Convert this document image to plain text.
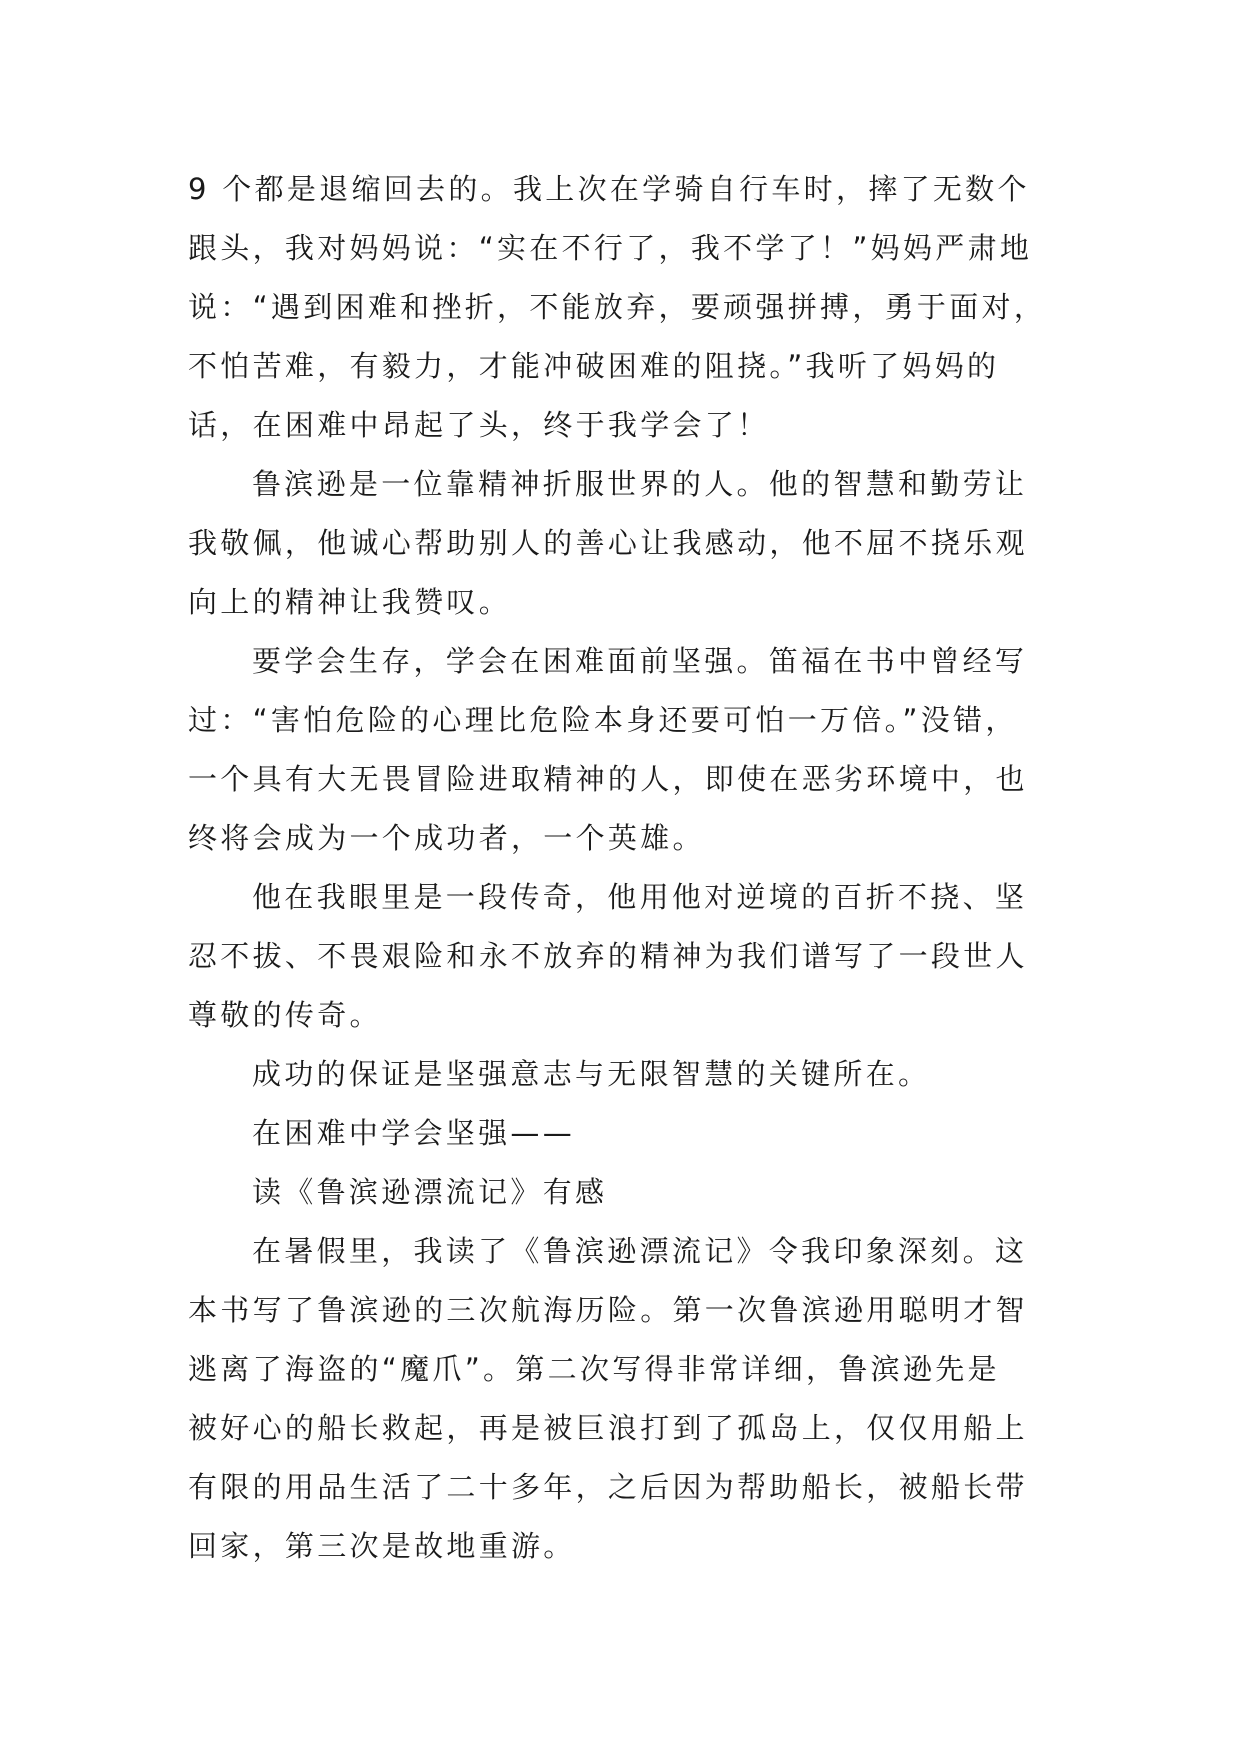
9 个都是退缩回去的。我上次在学骑自行车时，摔了无数个
跟头，我对妈妈说：“实在不行了，我不学了！”妈妈严肃地
说：“遇到困难和挫折，不能放弃，要顽强拼搏，勇于面对，
不怕苦难，有毅力，才能冲破困难的阻挠。”我听了妈妈的
话，在困难中昂起了头，终于我学会了！
鲁滨逊是一位靠精神折服世界的人。他的智慧和勤劳让
我敬佩，他诚心帮助别人的善心让我感动，他不屈不挠乐观
向上的精神让我赞叹。
要学会生存，学会在困难面前坚强。笛福在书中曾经写
过：“害怕危险的心理比危险本身还要可怕一万倍。”没错，
一个具有大无畏冒险进取精神的人，即使在恶劣环境中，也
终将会成为一个成功者，一个英雄。
他在我眼里是一段传奇，他用他对逆境的百折不挠、坚
忍不拔、不畏艰险和永不放弃的精神为我们谱写了一段世人
尊敬的传奇。
成功的保证是坚强意志与无限智慧的关键所在。
在困难中学会坚强——
读《鲁滨逊漂流记》有感
在暑假里，我读了《鲁滨逊漂流记》令我印象深刻。这
本书写了鲁滨逊的三次航海历险。第一次鲁滨逊用聪明才智
逃离了海盗的“魔爪”。第二次写得非常详细，鲁滨逊先是
被好心的船长救起，再是被巨浪打到了孤岛上，仅仅用船上
有限的用品生活了二十多年，之后因为帮助船长，被船长带
回家，第三次是故地重游。
